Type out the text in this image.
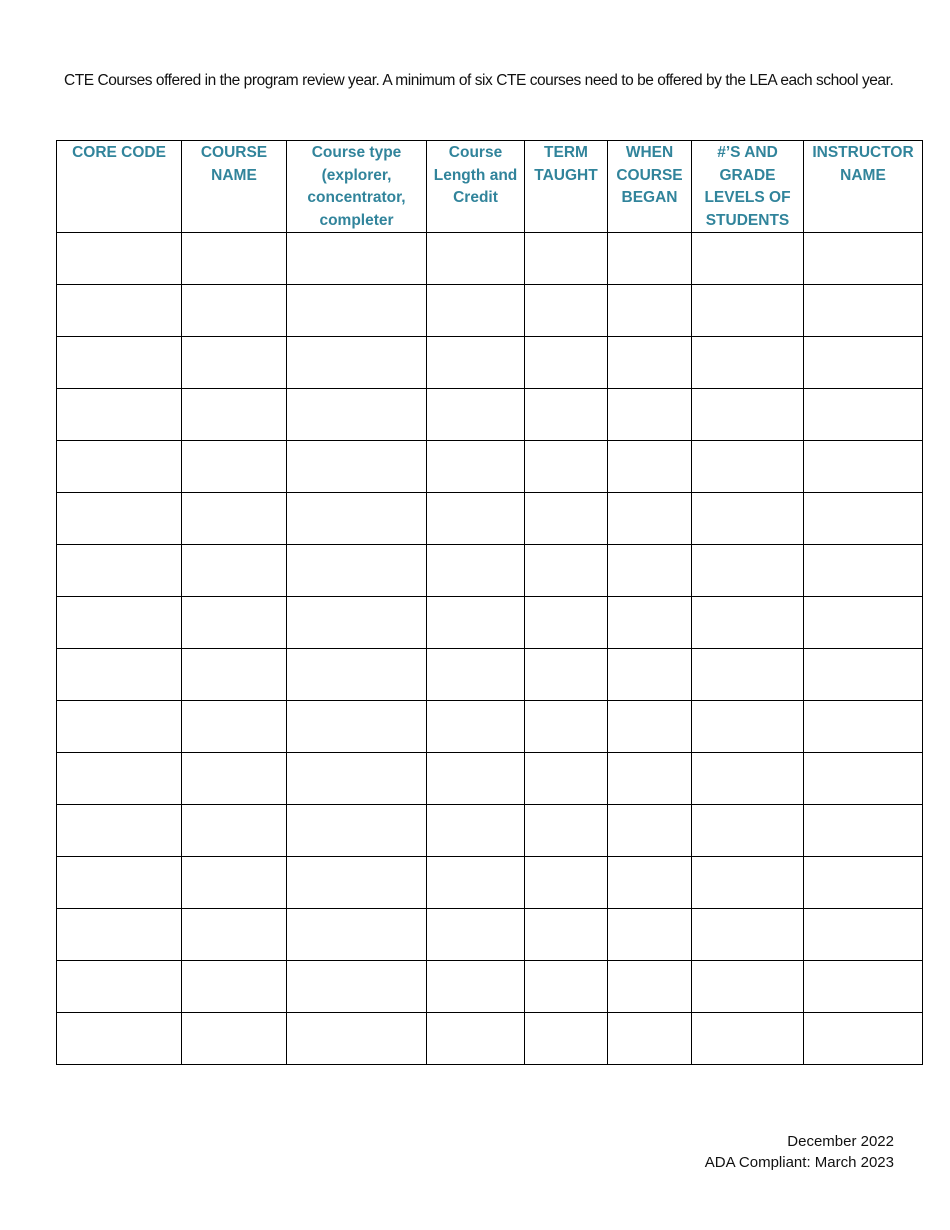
CTE Courses offered in the program review year. A minimum of six CTE courses need to be offered by the LEA each school year.
CORE CODE	COURSE NAME	Course type (explorer, concentrator, completer	Course Length and Credit	TERM TAUGHT	WHEN COURSE BEGAN	#’S AND GRADE LEVELS OF STUDENTS	INSTRUCTOR NAME

December 2022
ADA Compliant: March 2023
